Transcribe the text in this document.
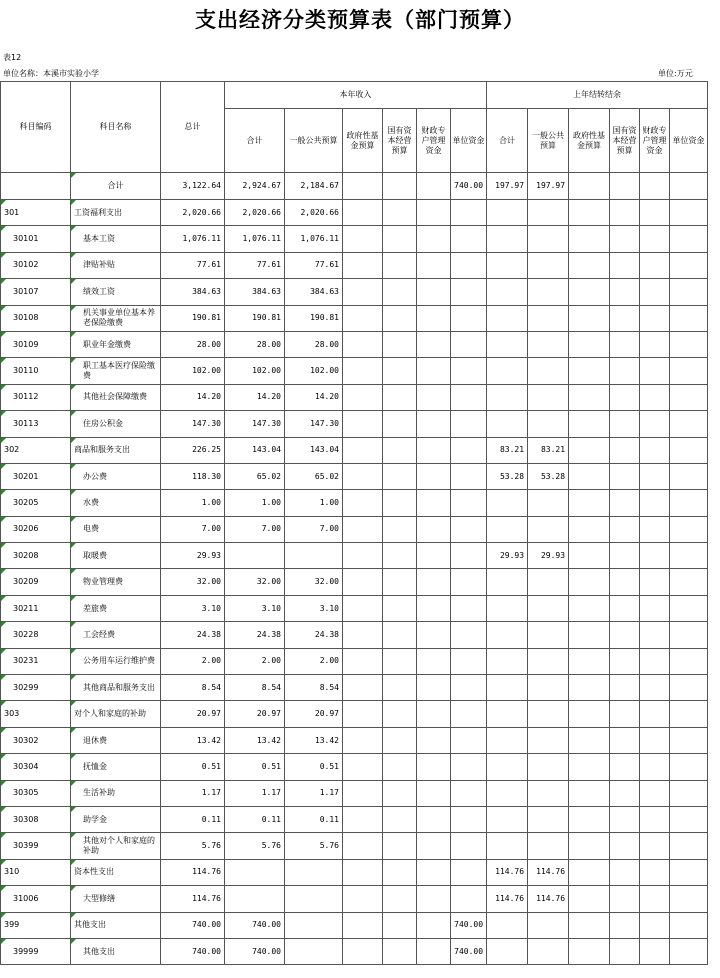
支出经济分类预算表（部门预算）
表12
单位名称：本溪市实验小学	单位:万元
科目编码	科目名称	总计	本年收入						上年结转结余					
			合计	一般公共预算	政府性基金预算	国有资本经营预算	财政专户管理资金	单位资金	合计	一般公共预算	政府性基金预算	国有资本经营预算	财政专户管理资金	单位资金
	合计	3,122.64	2,924.67	2,184.67				740.00	197.97	197.97				
301	工资福利支出	2,020.66	2,020.66	2,020.66										
30101	基本工资	1,076.11	1,076.11	1,076.11										
30102	津贴补贴	77.61	77.61	77.61										
30107	绩效工资	384.63	384.63	384.63										
30108	机关事业单位基本养老保险缴费	190.81	190.81	190.81										
30109	职业年金缴费	28.00	28.00	28.00										
30110	职工基本医疗保险缴费	102.00	102.00	102.00										
30112	其他社会保障缴费	14.20	14.20	14.20										
30113	住房公积金	147.30	147.30	147.30										
302	商品和服务支出	226.25	143.04	143.04					83.21	83.21				
30201	办公费	118.30	65.02	65.02					53.28	53.28				
30205	水费	1.00	1.00	1.00										
30206	电费	7.00	7.00	7.00										
30208	取暖费	29.93							29.93	29.93				
30209	物业管理费	32.00	32.00	32.00										
30211	差旅费	3.10	3.10	3.10										
30228	工会经费	24.38	24.38	24.38										
30231	公务用车运行维护费	2.00	2.00	2.00										
30299	其他商品和服务支出	8.54	8.54	8.54										
303	对个人和家庭的补助	20.97	20.97	20.97										
30302	退休费	13.42	13.42	13.42										
30304	抚恤金	0.51	0.51	0.51										
30305	生活补助	1.17	1.17	1.17										
30308	助学金	0.11	0.11	0.11										
30399	其他对个人和家庭的补助	5.76	5.76	5.76										
310	资本性支出	114.76							114.76	114.76				
31006	大型修缮	114.76							114.76	114.76				
399	其他支出	740.00	740.00					740.00						
39999	其他支出	740.00	740.00					740.00						
